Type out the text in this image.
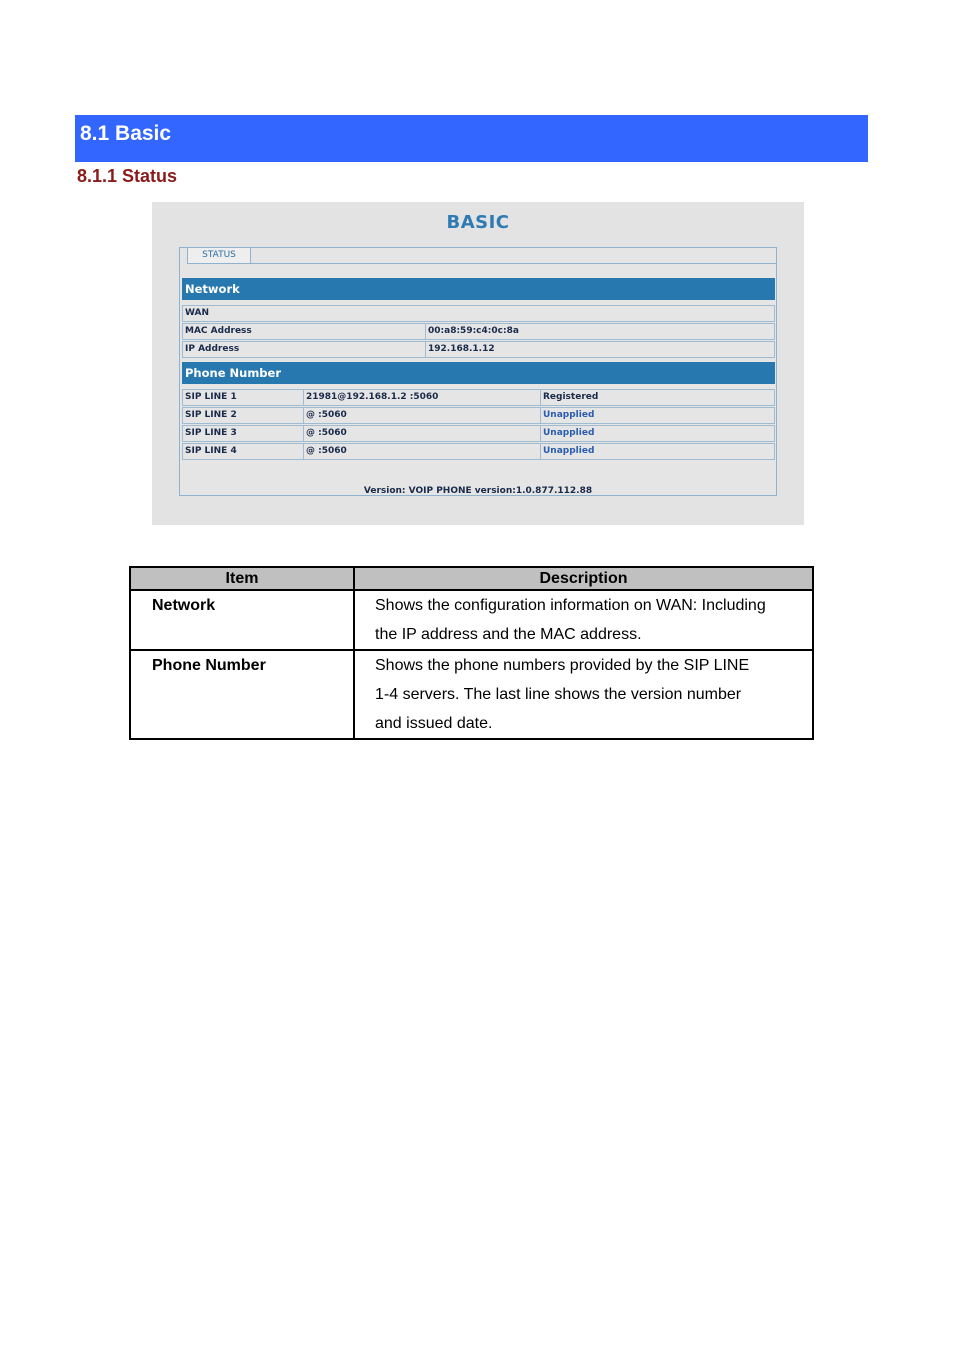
8.1 Basic
8.1.1 Status
BASIC
STATUS
Network
WAN
MAC Address	00:a8:59:c4:0c:8a
IP Address	192.168.1.12
Phone Number
SIP LINE 1	21981@192.168.1.2 :5060	Registered
SIP LINE 2	@ :5060	Unapplied
SIP LINE 3	@ :5060	Unapplied
SIP LINE 4	@ :5060	Unapplied
Version: VOIP PHONE version:1.0.877.112.88
Item	Description
Network	Shows the configuration information on WAN: Including
the IP address and the MAC address.

Phone Number	Shows the phone numbers provided by the SIP LINE
1-4 servers. The last line shows the version number
and issued date.
